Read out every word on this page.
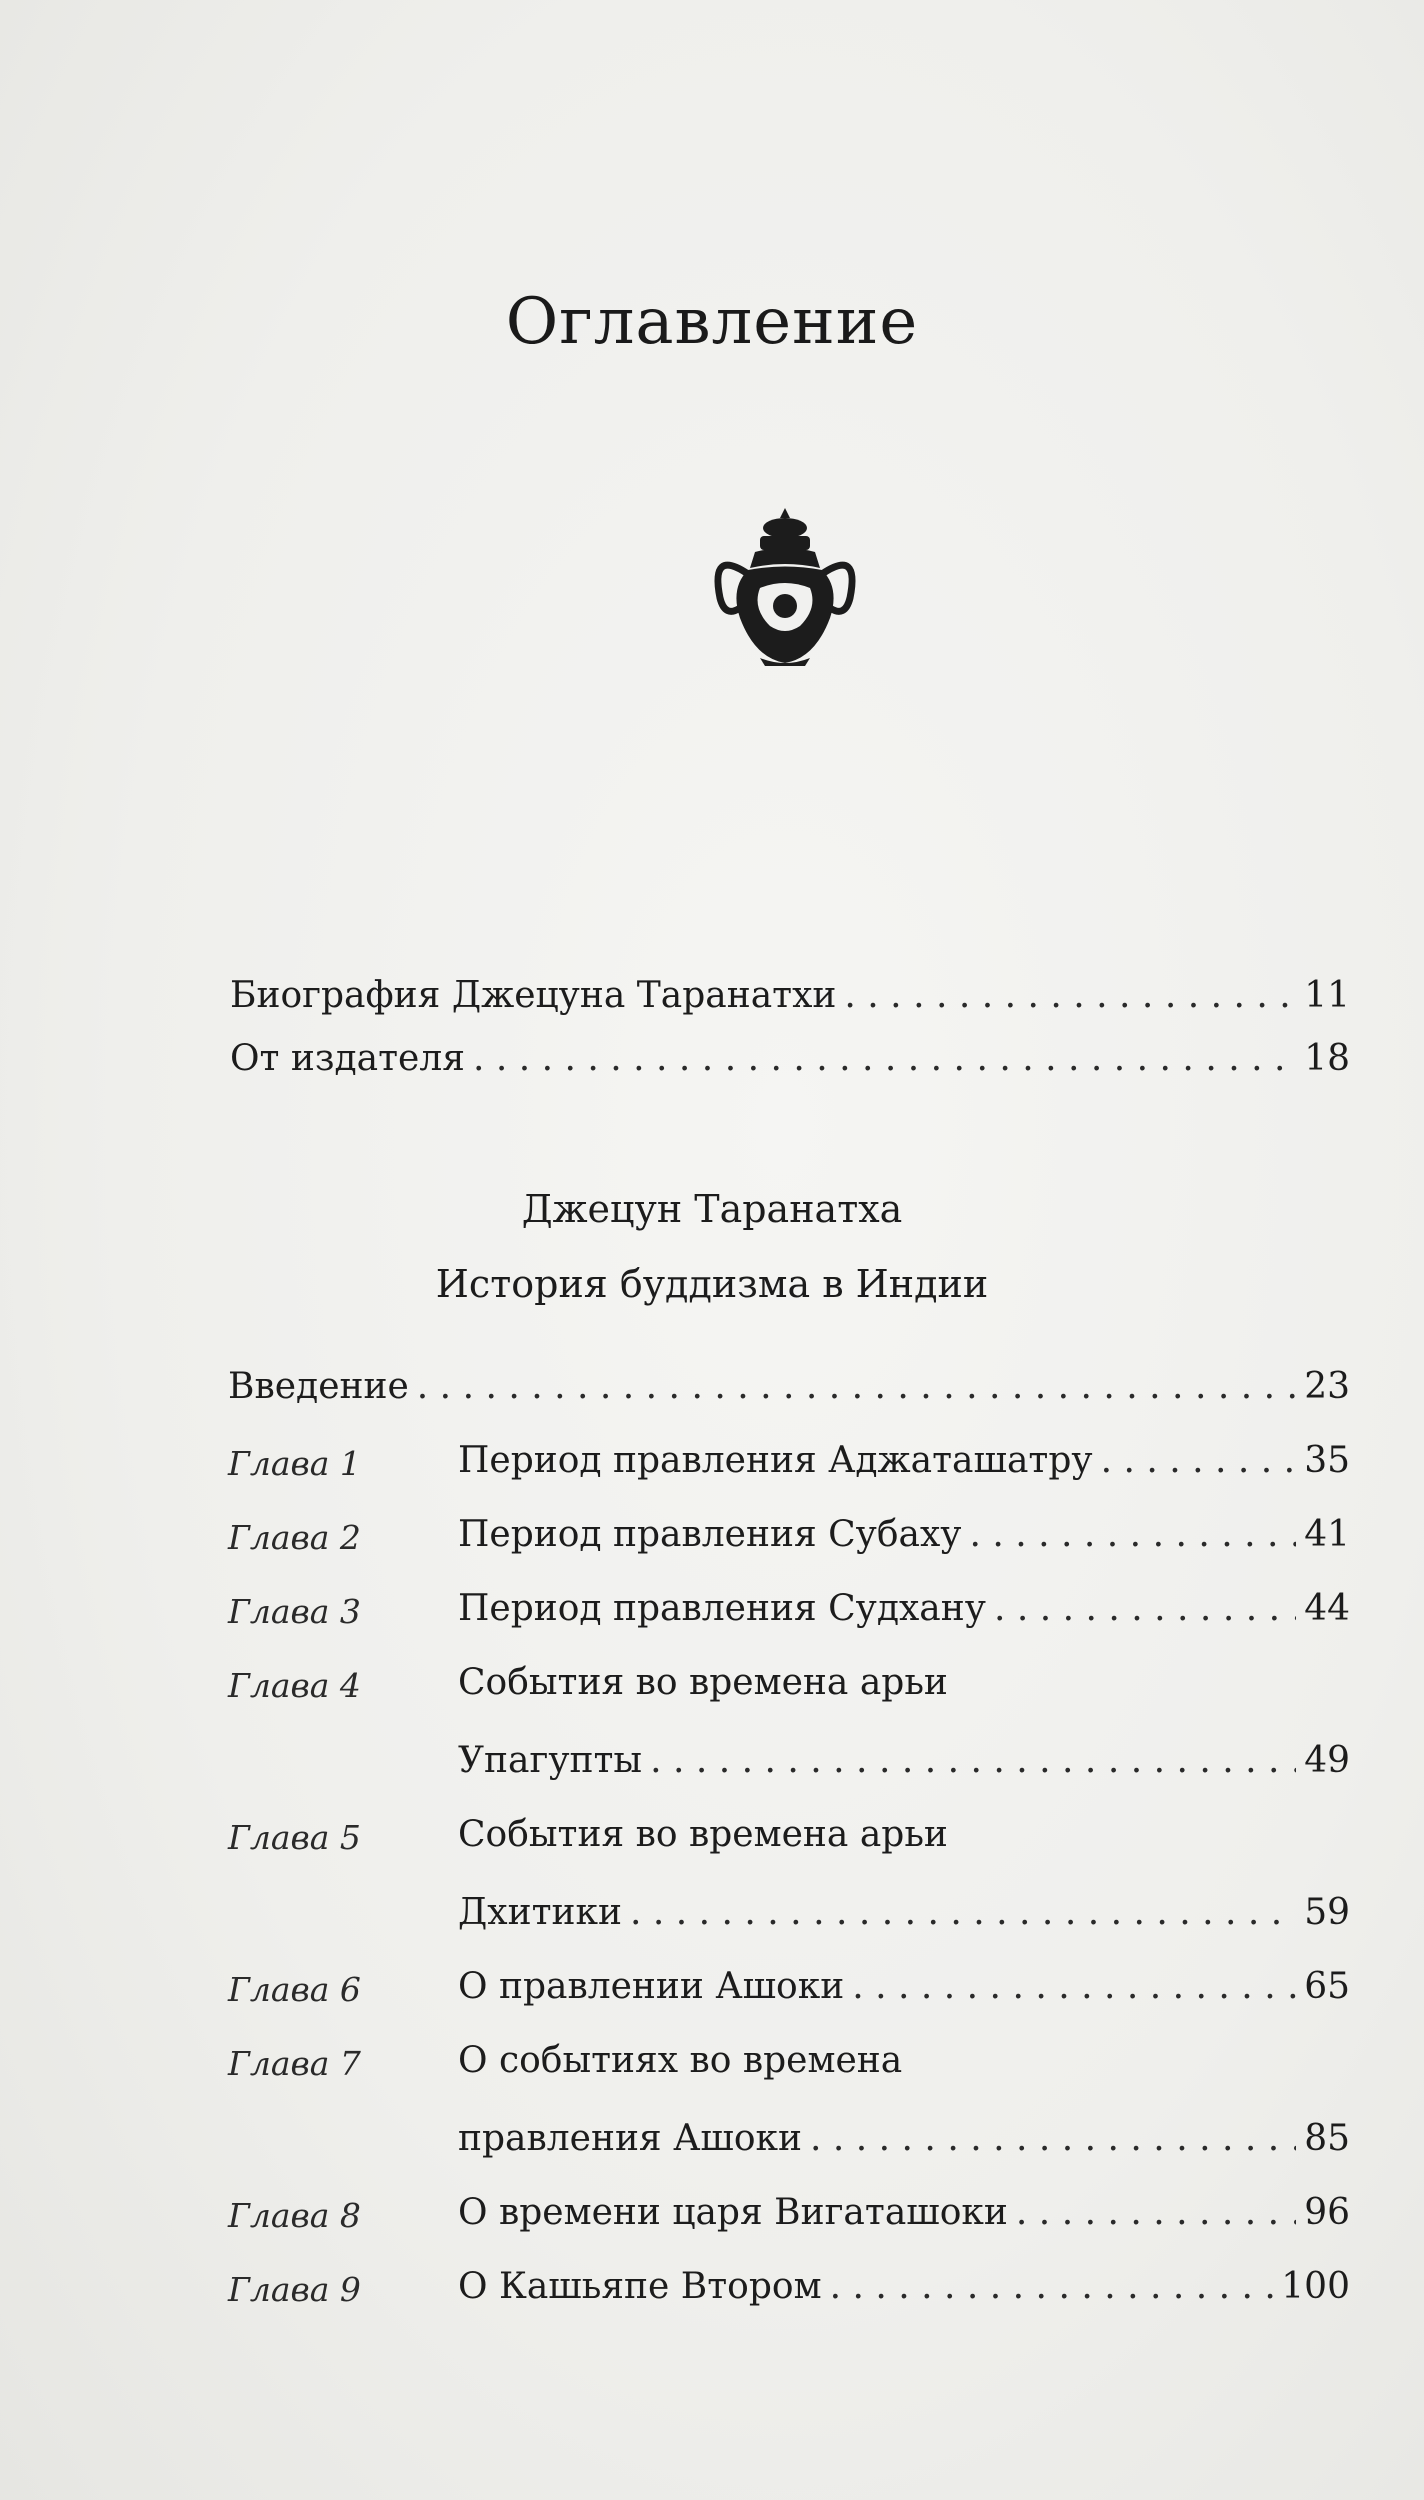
Оглавление
Биография Джецуна Таранатхи . . .	11
От издателя . . .	18
Джецун Таранатха
История буддизма в Индии
Введение . . .	23
Глава 1	Период правления Аджаташатру . . .	35
Глава 2	Период правления Субаху . . .	41
Глава 3	Период правления Судхану . . .	44
Глава 4	События во времена арьи
Упагупты . . .	49
Глава 5	События во времена арьи
Дхитики . . .	59
Глава 6	О правлении Ашоки . . .	65
Глава 7	О событиях во времена
правления Ашоки . . .	85
Глава 8	О времени царя Вигаташоки . . .	96
Глава 9	О Кашьяпе Втором . . .	100
